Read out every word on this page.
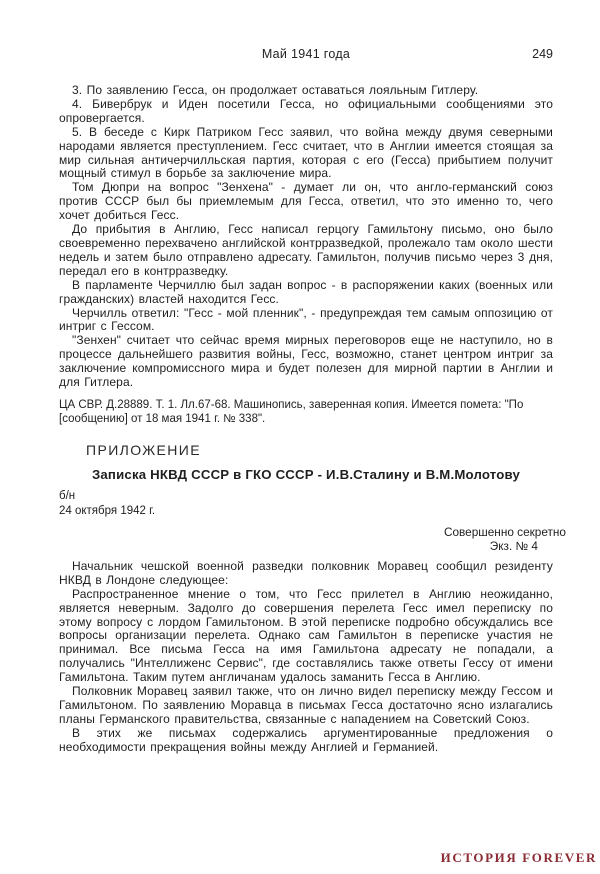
Май 1941 года	249

3. По заявлению Гесса, он продолжает оставаться лояльным Гитлеру.

4. Бивербрук и Иден посетили Гесса, но официальными сообщениями это опровергается.

5. В беседе с Кирк Патриком Гесс заявил, что война между двумя северными народами является преступлением. Гесс считает, что в Англии имеется стоящая за мир сильная античерчилльская партия, которая с его (Гесса) прибытием получит мощный стимул в борьбе за заключение мира.

Том Дюпри на вопрос "Зенхена" - думает ли он, что англо-германский союз против СССР был бы приемлемым для Гесса, ответил, что это именно то, чего хочет добиться Гесс.

До прибытия в Англию, Гесс написал герцогу Гамильтону письмо, оно было своевременно перехвачено английской контрразведкой, пролежало там около шести недель и затем было отправлено адресату. Гамильтон, получив письмо через 3 дня, передал его в контрразведку.

В парламенте Черчиллю был задан вопрос - в распоряжении каких (военных или гражданских) властей находится Гесс.

Черчилль ответил: "Гесс - мой пленник", - предупреждая тем самым оппозицию от интриг с Гессом.

"Зенхен" считает что сейчас время мирных переговоров еще не наступило, но в процессе дальнейшего развития войны, Гесс, возможно, станет центром интриг за заключение компромиссного мира и будет полезен для мирной партии в Англии и для Гитлера.

ЦА СВР. Д.28889. Т. 1. Лл.67-68. Машинопись, заверенная копия. Имеется помета: "По [сообщению] от 18 мая 1941 г. № 338".
ПРИЛОЖЕНИЕ
Записка НКВД СССР в ГКО СССР - И.В.Сталину и В.М.Молотову
б/н
24 октября 1942 г.
Совершенно секретно
Экз. № 4

Начальник чешской военной разведки полковник Моравец сообщил резиденту НКВД в Лондоне следующее:

Распространенное мнение о том, что Гесс прилетел в Англию неожиданно, является неверным. Задолго до совершения перелета Гесс имел переписку по этому вопросу с лордом Гамильтоном. В этой переписке подробно обсуждались все вопросы организации перелета. Однако сам Гамильтон в переписке участия не принимал. Все письма Гесса на имя Гамильтона адресату не попадали, а получались "Интеллиженс Сервис", где составлялись также ответы Гессу от имени Гамильтона. Таким путем англичанам удалось заманить Гесса в Англию.

Полковник Моравец заявил также, что он лично видел переписку между Гессом и Гамильтоном. По заявлению Моравца в письмах Гесса достаточно ясно излагались планы Германского правительства, связанные с нападением на Советский Союз.

В этих же письмах содержались аргументированные предложения о необходимости прекращения войны между Англией и Германией.

ИСТОРИЯ FOREVER
